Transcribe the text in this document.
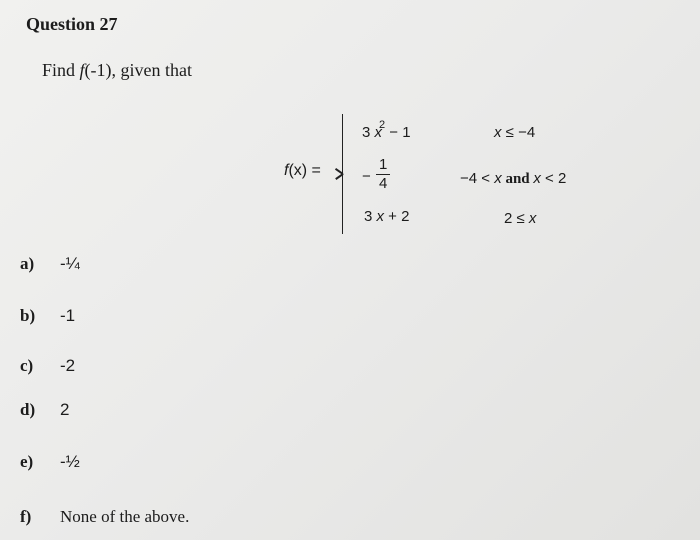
Question 27
Find f(-1), given that
f(x) =
3 $x^2 - 1$	x ≤ −4
−
1
4	−4 < x and x < 2
3 x + 2	2 ≤ x
a)	-¼
b)	-1
c)	-2
d)	2
e)	-½
f)	None of the above.
